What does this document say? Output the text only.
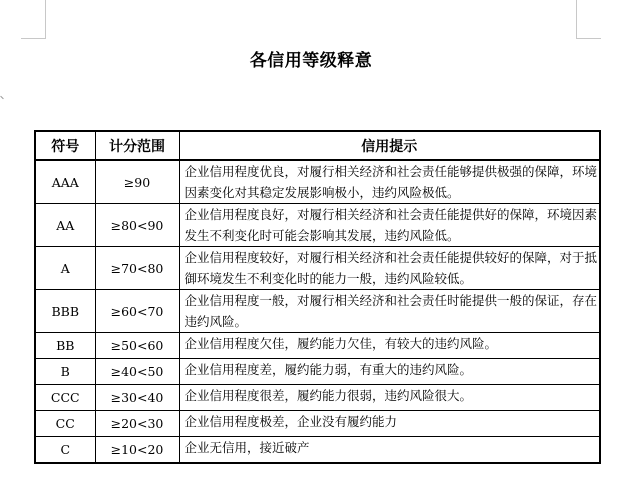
各信用等级释意
符号	计分范围	信用提示
AAA	≥90	企业信用程度优良，对履行相关经济和社会责任能够提供极强的保障，环境因素变化对其稳定发展影响极小，违约风险极低。
AA	≥80<90	企业信用程度良好，对履行相关经济和社会责任能提供好的保障，环境因素发生不利变化时可能会影响其发展，违约风险低。
A	≥70<80	企业信用程度较好，对履行相关经济和社会责任能提供较好的保障，对于抵御环境发生不利变化时的能力一般，违约风险较低。
BBB	≥60<70	企业信用程度一般，对履行相关经济和社会责任时能提供一般的保证，存在违约风险。
BB	≥50<60	企业信用程度欠佳，履约能力欠佳，有较大的违约风险。
B	≥40<50	企业信用程度差，履约能力弱，有重大的违约风险。
CCC	≥30<40	企业信用程度很差，履约能力很弱，违约风险很大。
CC	≥20<30	企业信用程度极差，企业没有履约能力
C	≥10<20	企业无信用，接近破产
